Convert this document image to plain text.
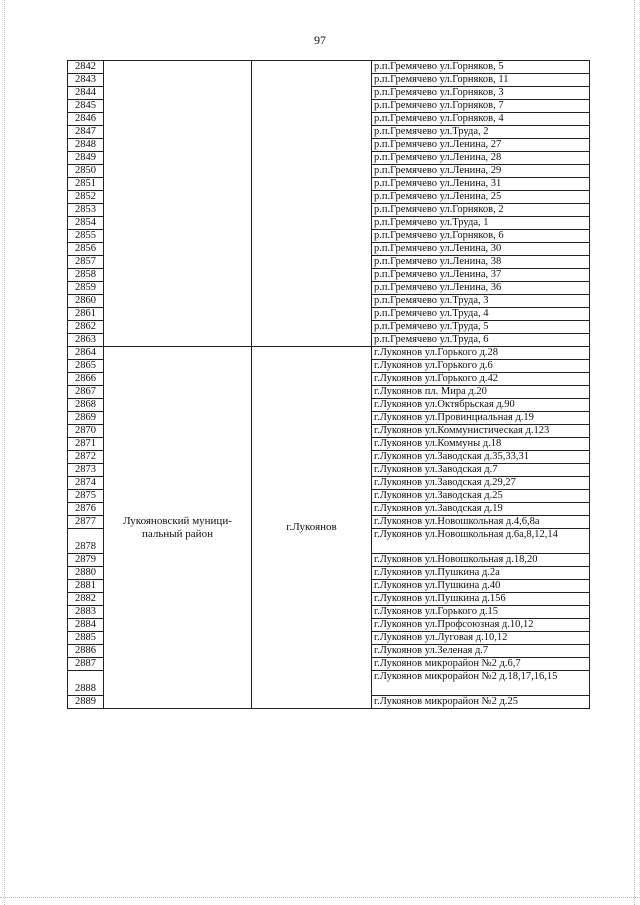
97
2842			р.п.Гремячево ул.Горняков, 5
2843			р.п.Гремячево ул.Горняков, 11
2844			р.п.Гремячево ул.Горняков, 3
2845			р.п.Гремячево ул.Горняков, 7
2846			р.п.Гремячево ул.Горняков, 4
2847			р.п.Гремячево ул.Труда, 2
2848			р.п.Гремячево ул.Ленина, 27
2849			р.п.Гремячево ул.Ленина, 28
2850			р.п.Гремячево ул.Ленина, 29
2851			р.п.Гремячево ул.Ленина, 31
2852			р.п.Гремячево ул.Ленина, 25
2853			р.п.Гремячево ул.Горняков, 2
2854			р.п.Гремячево ул.Труда, 1
2855			р.п.Гремячево ул.Горняков, 6
2856			р.п.Гремячево ул.Ленина, 30
2857			р.п.Гремячево ул.Ленина, 38
2858			р.п.Гремячево ул.Ленина, 37
2859			р.п.Гремячево ул.Ленина, 36
2860			р.п.Гремячево ул.Труда, 3
2861			р.п.Гремячево ул.Труда, 4
2862			р.п.Гремячево ул.Труда, 5
2863			р.п.Гремячево ул.Труда, 6
2864	Лукояновский муници-пальный район	г.Лукоянов	г.Лукоянов ул.Горького д.28
2865			г.Лукоянов ул.Горького д.6
2866			г.Лукоянов ул.Горького д.42
2867			г.Лукоянов пл. Мира д.20
2868			г.Лукоянов ул.Октябрьская д.90
2869			г.Лукоянов ул.Провинциальная д.19
2870			г.Лукоянов ул.Коммунистическая д.123
2871			г.Лукоянов ул.Коммуны д.18
2872			г.Лукоянов ул.Заводская д.35,33,31
2873			г.Лукоянов ул.Заводская д.7
2874			г.Лукоянов ул.Заводская д.29,27
2875			г.Лукоянов ул.Заводская д.25
2876			г.Лукоянов ул.Заводская д.19
2877			г.Лукоянов ул.Новошкольная д.4,6,8а
2878			г.Лукоянов ул.Новошкольная д.6а,8,12,14
2879			г.Лукоянов ул.Новошкольная д.18,20
2880			г.Лукоянов ул.Пушкина д.2а
2881			г.Лукоянов ул.Пушкина д.40
2882			г.Лукоянов ул.Пушкина д.156
2883			г.Лукоянов ул.Горького д.15
2884			г.Лукоянов ул.Профсоюзная д.10,12
2885			г.Лукоянов ул.Луговая д.10,12
2886			г.Лукоянов ул.Зеленая д.7
2887			г.Лукоянов микрорайон №2 д.6,7
2888			г.Лукоянов микрорайон №2 д.18,17,16,15
2889			г.Лукоянов микрорайон №2 д.25
